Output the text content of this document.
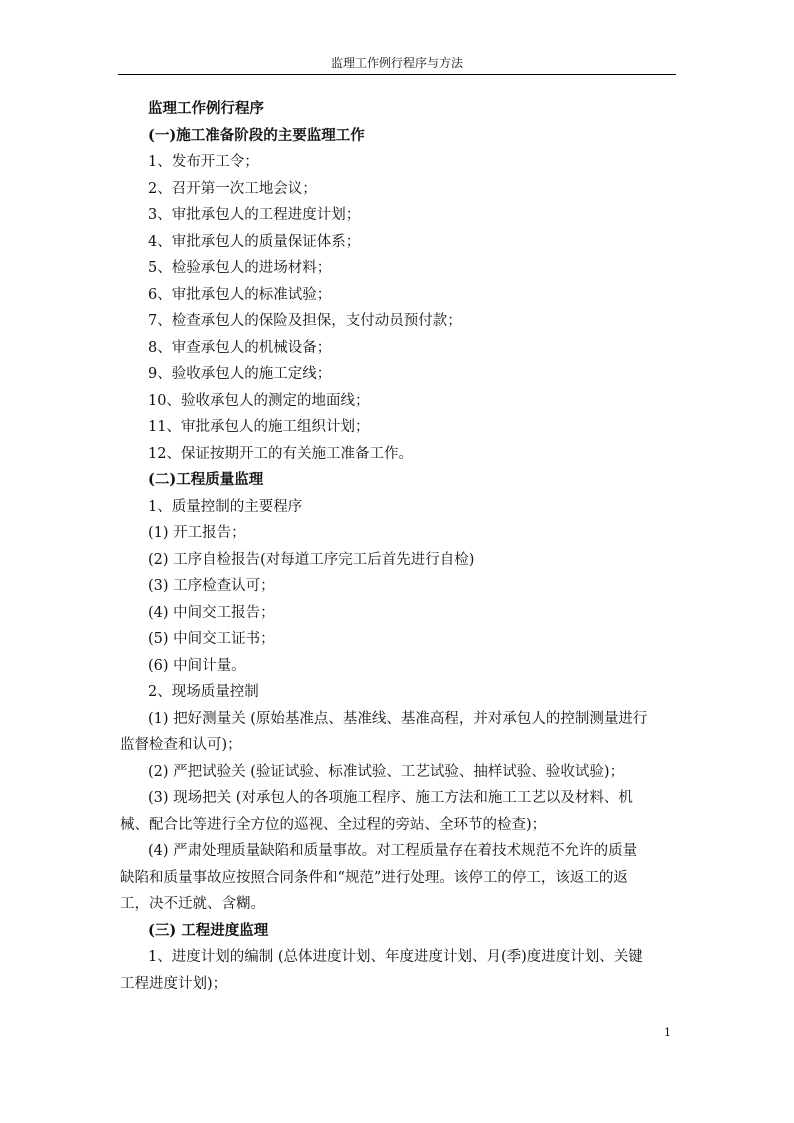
监理工作例行程序与方法
监理工作例行程序
(一)施工准备阶段的主要监理工作
1、发布开工令；
2、召开第一次工地会议；
3、审批承包人的工程进度计划；
4、审批承包人的质量保证体系；
5、检验承包人的进场材料；
6、审批承包人的标准试验；
7、检查承包人的保险及担保，支付动员预付款；
8、审查承包人的机械设备；
9、验收承包人的施工定线；
10、验收承包人的测定的地面线；
11、审批承包人的施工组织计划；
12、保证按期开工的有关施工准备工作。
(二)工程质量监理
1、质量控制的主要程序
(1) 开工报告；
(2) 工序自检报告(对每道工序完工后首先进行自检)
(3) 工序检查认可；
(4) 中间交工报告；
(5) 中间交工证书；
(6) 中间计量。
2、现场质量控制
(1) 把好测量关 (原始基准点、基准线、基准高程，并对承包人的控制测量进行监督检查和认可)；
(2) 严把试验关 (验证试验、标准试验、工艺试验、抽样试验、验收试验)；
(3) 现场把关 (对承包人的各项施工程序、施工方法和施工工艺以及材料、机械、配合比等进行全方位的巡视、全过程的旁站、全环节的检查)；
(4) 严肃处理质量缺陷和质量事故。对工程质量存在着技术规范不允许的质量缺陷和质量事故应按照合同条件和“规范”进行处理。该停工的停工，该返工的返工，决不迁就、含糊。
(三) 工程进度监理
1、进度计划的编制 (总体进度计划、年度进度计划、月(季)度进度计划、关键工程进度计划)；
1
